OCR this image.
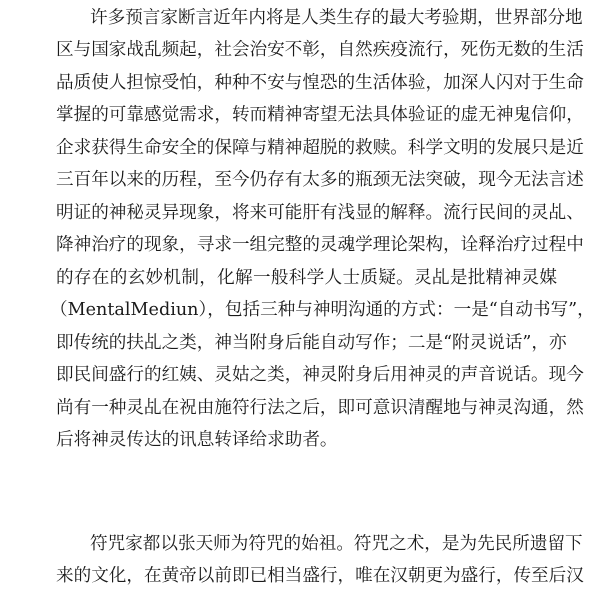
许多预言家断言近年内将是人类生存的最大考验期，世界部分地
区与国家战乱频起，社会治安不彰，自然疾疫流行，死伤无数的生活
品质使人担惊受怕，种种不安与惶恐的生活体验，加深人闪对于生命
掌握的可靠感觉需求，转而精神寄望无法具体验证的虚无神鬼信仰，
企求获得生命安全的保障与精神超脱的救赎。科学文明的发展只是近
三百年以来的历程，至今仍存有太多的瓶颈无法突破，现今无法言述
明证的神秘灵异现象，将来可能肝有浅显的解释。流行民间的灵乩、
降神治疗的现象，寻求一组完整的灵魂学理论架构，诠释治疗过程中
的存在的玄妙机制，化解一般科学人士质疑。灵乩是批精神灵媒
（MentalMediun），包括三种与神明沟通的方式：一是“自动书写”，
即传统的扶乩之类，神当附身后能自动写作；二是“附灵说话”，亦
即民间盛行的红姨、灵姑之类，神灵附身后用神灵的声音说话。现今
尚有一种灵乩在祝由施符行法之后，即可意识清醒地与神灵沟通，然
后将神灵传达的讯息转译给求助者。
符咒家都以张天师为符咒的始祖。符咒之术，是为先民所遗留下
来的文化，在黄帝以前即已相当盛行，唯在汉朝更为盛行，传至后汉
